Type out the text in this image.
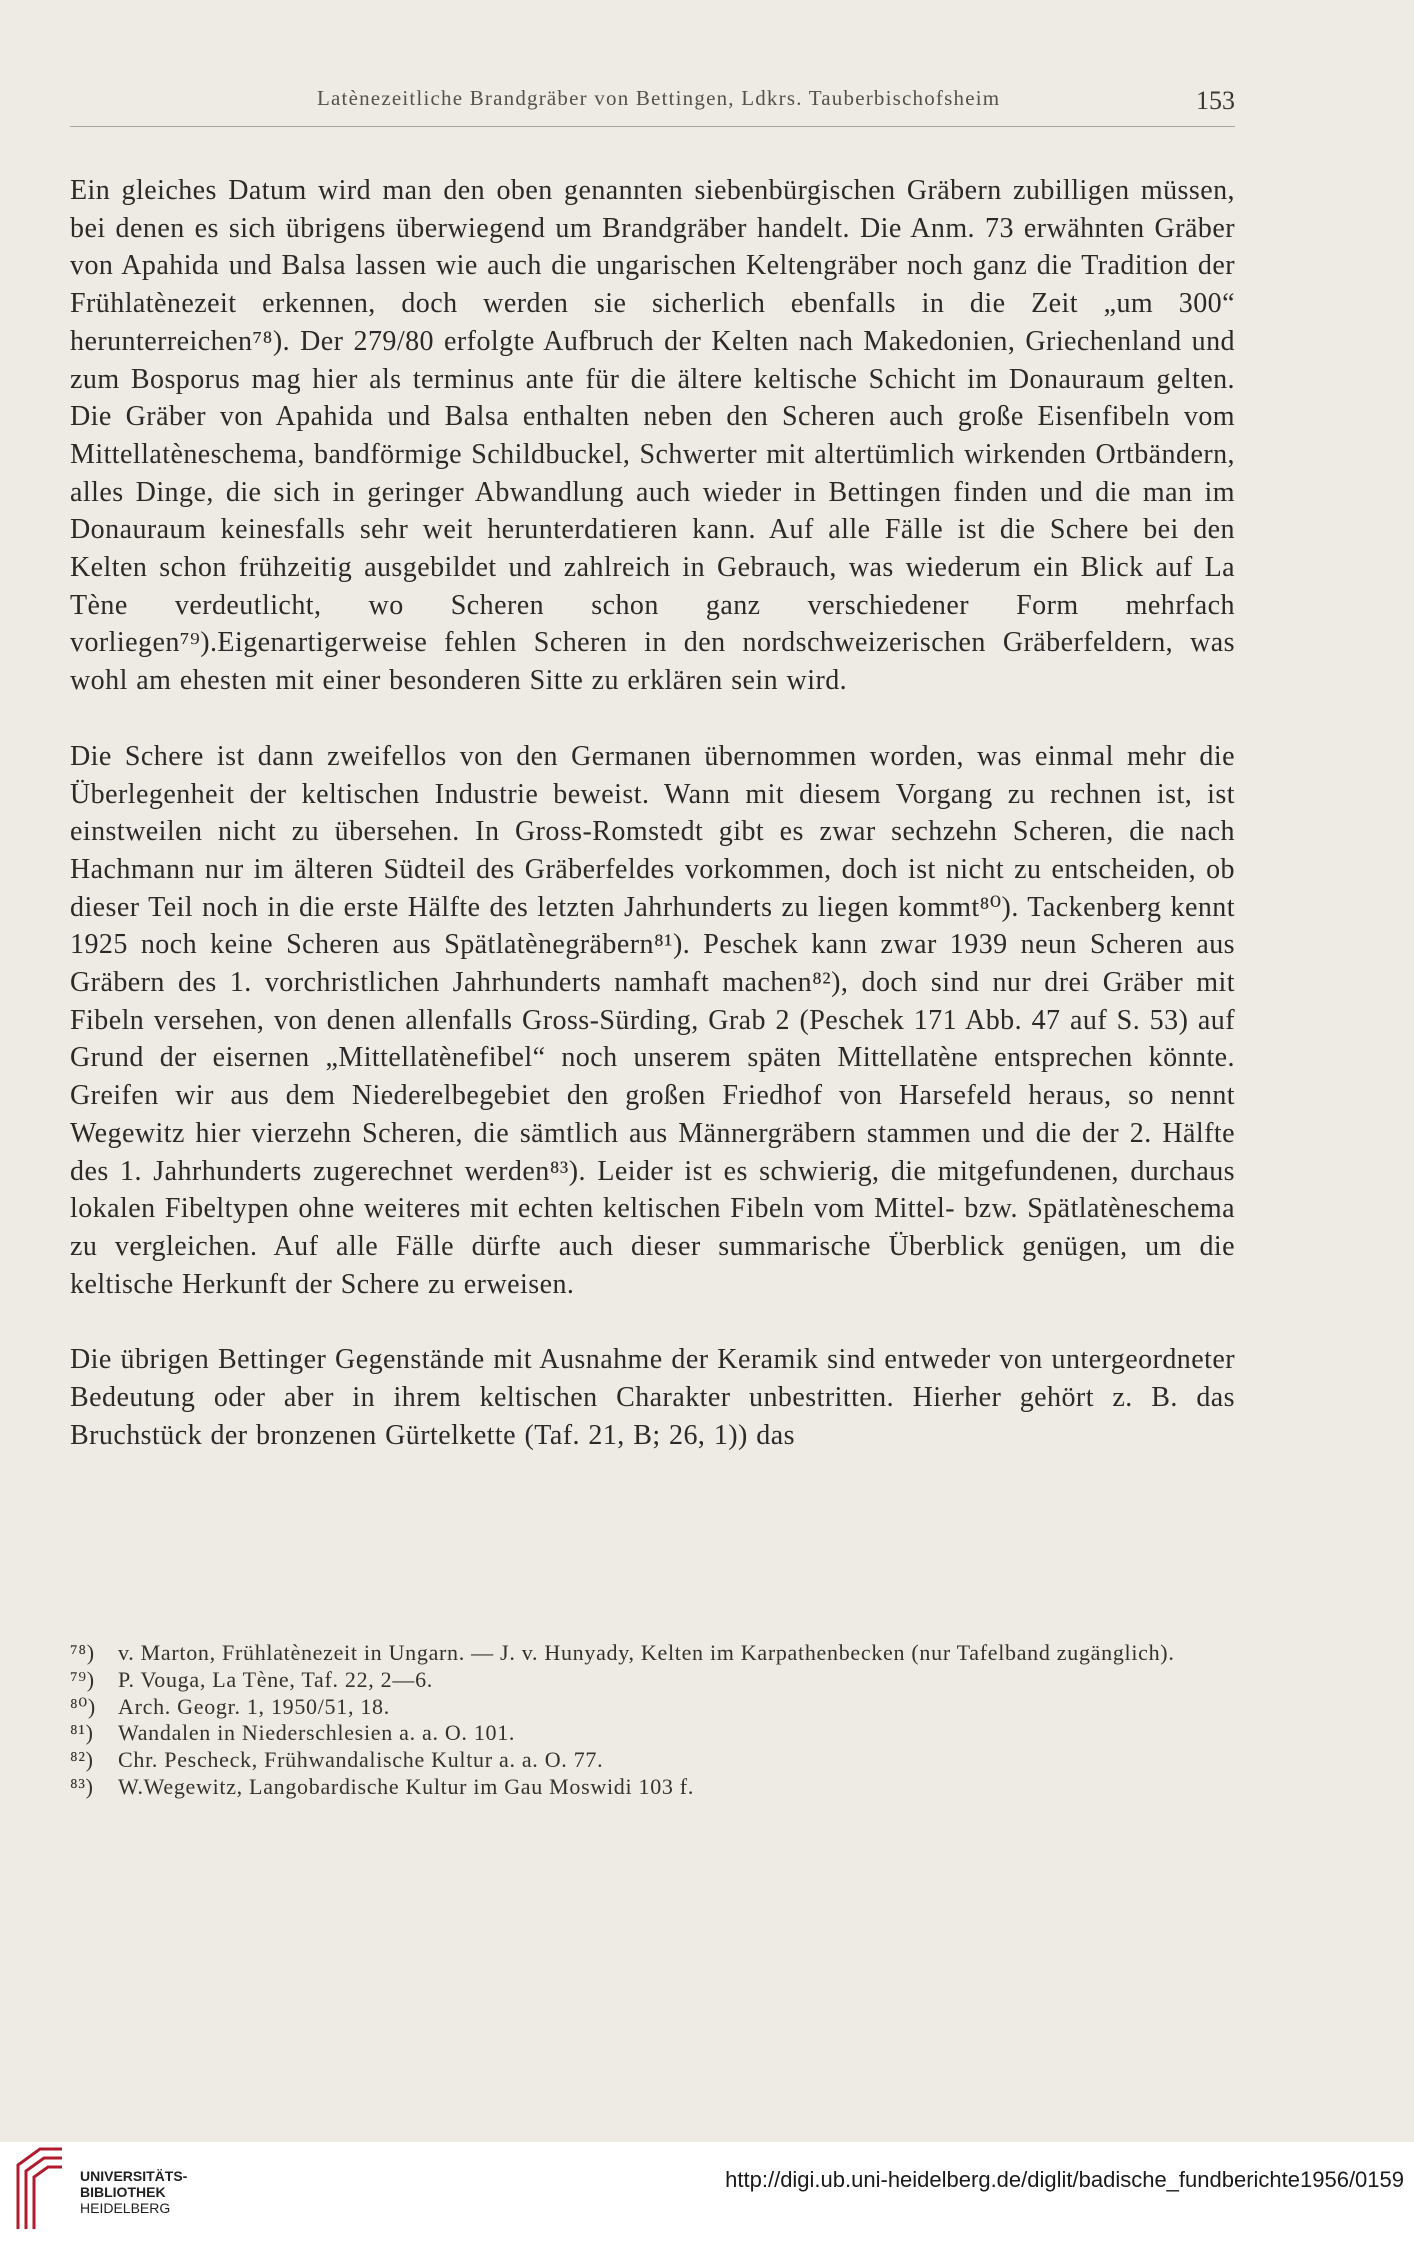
Latènezeitliche Brandgräber von Bettingen, Ldkrs. Tauberbischofsheim	153

Ein gleiches Datum wird man den oben genannten siebenbürgischen Gräbern zubilligen müssen, bei denen es sich übrigens überwiegend um Brandgräber handelt. Die Anm. 73 erwähnten Gräber von Apahida und Balsa lassen wie auch die ungarischen Keltengräber noch ganz die Tradition der Frühlatènezeit erkennen, doch werden sie sicherlich ebenfalls in die Zeit „um 300“ herunterreichen⁷⁸). Der 279/80 erfolgte Aufbruch der Kelten nach Makedonien, Griechenland und zum Bosporus mag hier als terminus ante für die ältere keltische Schicht im Donauraum gelten. Die Gräber von Apahida und Balsa enthalten neben den Scheren auch große Eisenfibeln vom Mittellatèneschema, bandförmige Schildbuckel, Schwerter mit altertümlich wirkenden Ortbändern, alles Dinge, die sich in geringer Abwandlung auch wieder in Bettingen finden und die man im Donauraum keinesfalls sehr weit herunterdatieren kann. Auf alle Fälle ist die Schere bei den Kelten schon frühzeitig ausgebildet und zahlreich in Gebrauch, was wiederum ein Blick auf La Tène verdeutlicht, wo Scheren schon ganz verschiedener Form mehrfach vorliegen⁷⁹).Eigenartigerweise fehlen Scheren in den nordschweizerischen Gräberfeldern, was wohl am ehesten mit einer besonderen Sitte zu erklären sein wird.

Die Schere ist dann zweifellos von den Germanen übernommen worden, was einmal mehr die Überlegenheit der keltischen Industrie beweist. Wann mit diesem Vorgang zu rechnen ist, ist einstweilen nicht zu übersehen. In Gross-Romstedt gibt es zwar sechzehn Scheren, die nach Hachmann nur im älteren Südteil des Gräberfeldes vorkommen, doch ist nicht zu entscheiden, ob dieser Teil noch in die erste Hälfte des letzten Jahrhunderts zu liegen kommt⁸⁰). Tackenberg kennt 1925 noch keine Scheren aus Spätlatènegräbern⁸¹). Peschek kann zwar 1939 neun Scheren aus Gräbern des 1. vorchristlichen Jahrhunderts namhaft machen⁸²), doch sind nur drei Gräber mit Fibeln versehen, von denen allenfalls Gross-Sürding, Grab 2 (Peschek 171 Abb. 47 auf S. 53) auf Grund der eisernen „Mittellatènefibel“ noch unserem späten Mittellatène entsprechen könnte. Greifen wir aus dem Niederelbegebiet den großen Friedhof von Harsefeld heraus, so nennt Wegewitz hier vierzehn Scheren, die sämtlich aus Männergräbern stammen und die der 2. Hälfte des 1. Jahrhunderts zugerechnet werden⁸³). Leider ist es schwierig, die mitgefundenen, durchaus lokalen Fibeltypen ohne weiteres mit echten keltischen Fibeln vom Mittel- bzw. Spätlatèneschema zu vergleichen. Auf alle Fälle dürfte auch dieser summarische Überblick genügen, um die keltische Herkunft der Schere zu erweisen.

Die übrigen Bettinger Gegenstände mit Ausnahme der Keramik sind entweder von untergeordneter Bedeutung oder aber in ihrem keltischen Charakter unbestritten. Hierher gehört z. B. das Bruchstück der bronzenen Gürtelkette (Taf. 21, B; 26, 1)) das

⁷⁸) v. Marton, Frühlatènezeit in Ungarn. — J. v. Hunyady, Kelten im Karpathenbecken (nur Tafelband zugänglich).
⁷⁹) P. Vouga, La Tène, Taf. 22, 2—6.
⁸⁰) Arch. Geogr. 1, 1950/51, 18.
⁸¹) Wandalen in Niederschlesien a. a. O. 101.
⁸²) Chr. Pescheck, Frühwandalische Kultur a. a. O. 77.
⁸³) W.Wegewitz, Langobardische Kultur im Gau Moswidi 103 f.
UNIVERSITÄTS-
BIBLIOTHEK
HEIDELBERG
http://digi.ub.uni-heidelberg.de/diglit/badische_fundberichte1956/0159
